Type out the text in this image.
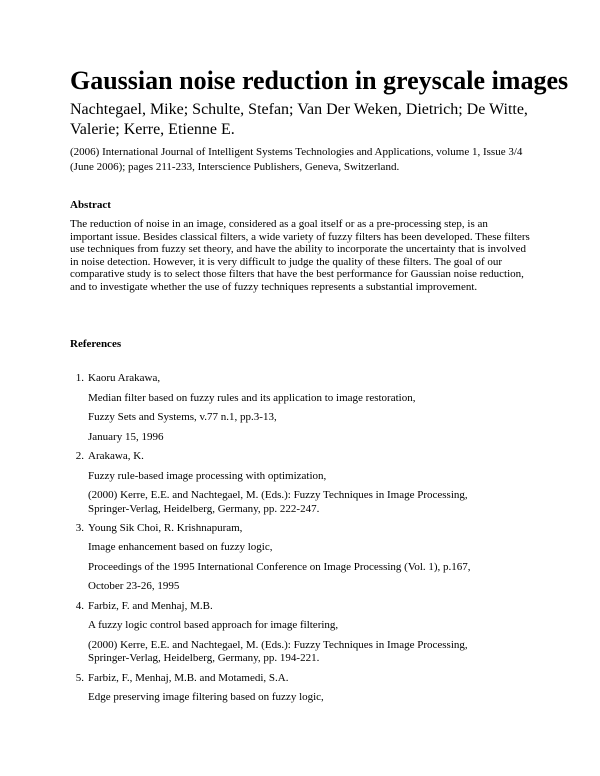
Gaussian noise reduction in greyscale images

Nachtegael, Mike; Schulte, Stefan; Van Der Weken, Dietrich; De Witte, Valerie; Kerre, Etienne E.

(2006) International Journal of Intelligent Systems Technologies and Applications, volume 1, Issue 3/4 (June 2006); pages 211-233, Interscience Publishers, Geneva, Switzerland.

Abstract

The reduction of noise in an image, considered as a goal itself or as a pre-processing step, is an important issue. Besides classical filters, a wide variety of fuzzy filters has been developed. These filters use techniques from fuzzy set theory, and have the ability to incorporate the uncertainty that is involved in noise detection. However, it is very difficult to judge the quality of these filters. The goal of our comparative study is to select those filters that have the best performance for Gaussian noise reduction, and to investigate whether the use of fuzzy techniques represents a substantial improvement.

References
1. Kaoru Arakawa,
Median filter based on fuzzy rules and its application to image restoration,
Fuzzy Sets and Systems, v.77 n.1, pp.3-13,
January 15, 1996
2. Arakawa, K.
Fuzzy rule-based image processing with optimization,
(2000) Kerre, E.E. and Nachtegael, M. (Eds.): Fuzzy Techniques in Image Processing,
Springer-Verlag, Heidelberg, Germany, pp. 222-247.
3. Young Sik Choi, R. Krishnapuram,
Image enhancement based on fuzzy logic,
Proceedings of the 1995 International Conference on Image Processing (Vol. 1), p.167,
October 23-26, 1995
4. Farbiz, F. and Menhaj, M.B.
A fuzzy logic control based approach for image filtering,
(2000) Kerre, E.E. and Nachtegael, M. (Eds.): Fuzzy Techniques in Image Processing,
Springer-Verlag, Heidelberg, Germany, pp. 194-221.
5. Farbiz, F., Menhaj, M.B. and Motamedi, S.A.
Edge preserving image filtering based on fuzzy logic,
